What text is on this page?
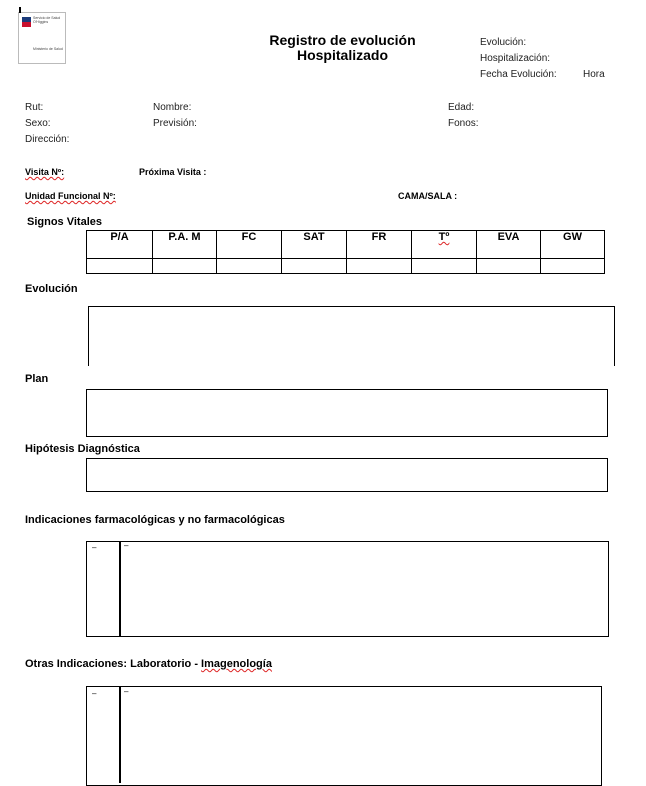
Servicio de Salud O'Higgins
Ministerio de Salud
Registro de evolución
Hospitalizado
Evolución:
Hospitalización:
Fecha Evolución:	Hora
Rut:	Nombre:	Edad:
Sexo:	Previsión:	Fonos:
Dirección:
Visita Nº:	Próxima Visita :
Unidad Funcional Nº:	CAMA/SALA :
Signos Vitales
P/A	P.A. M	FC	SAT	FR	Tº	EVA	GW

Evolución
Plan
Hipótesis Diagnóstica
Indicaciones farmacológicas y no farmacológicas
–	–
Otras Indicaciones: Laboratorio - Imagenología
–	–
